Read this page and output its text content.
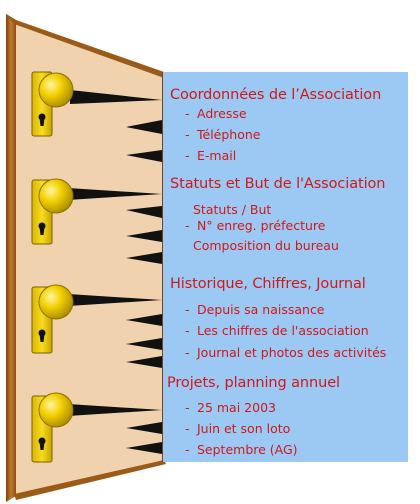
Coordonnées de l’Association
- Adresse
- Téléphone
- E-mail
Statuts et But de l'Association
Statuts / But
- N° enreg. préfecture
Composition du bureau
Historique, Chiffres, Journal
- Depuis sa naissance
- Les chiffres de l'association
- Journal et photos des activités
Projets, planning annuel
- 25 mai 2003
- Juin et son loto
- Septembre (AG)
